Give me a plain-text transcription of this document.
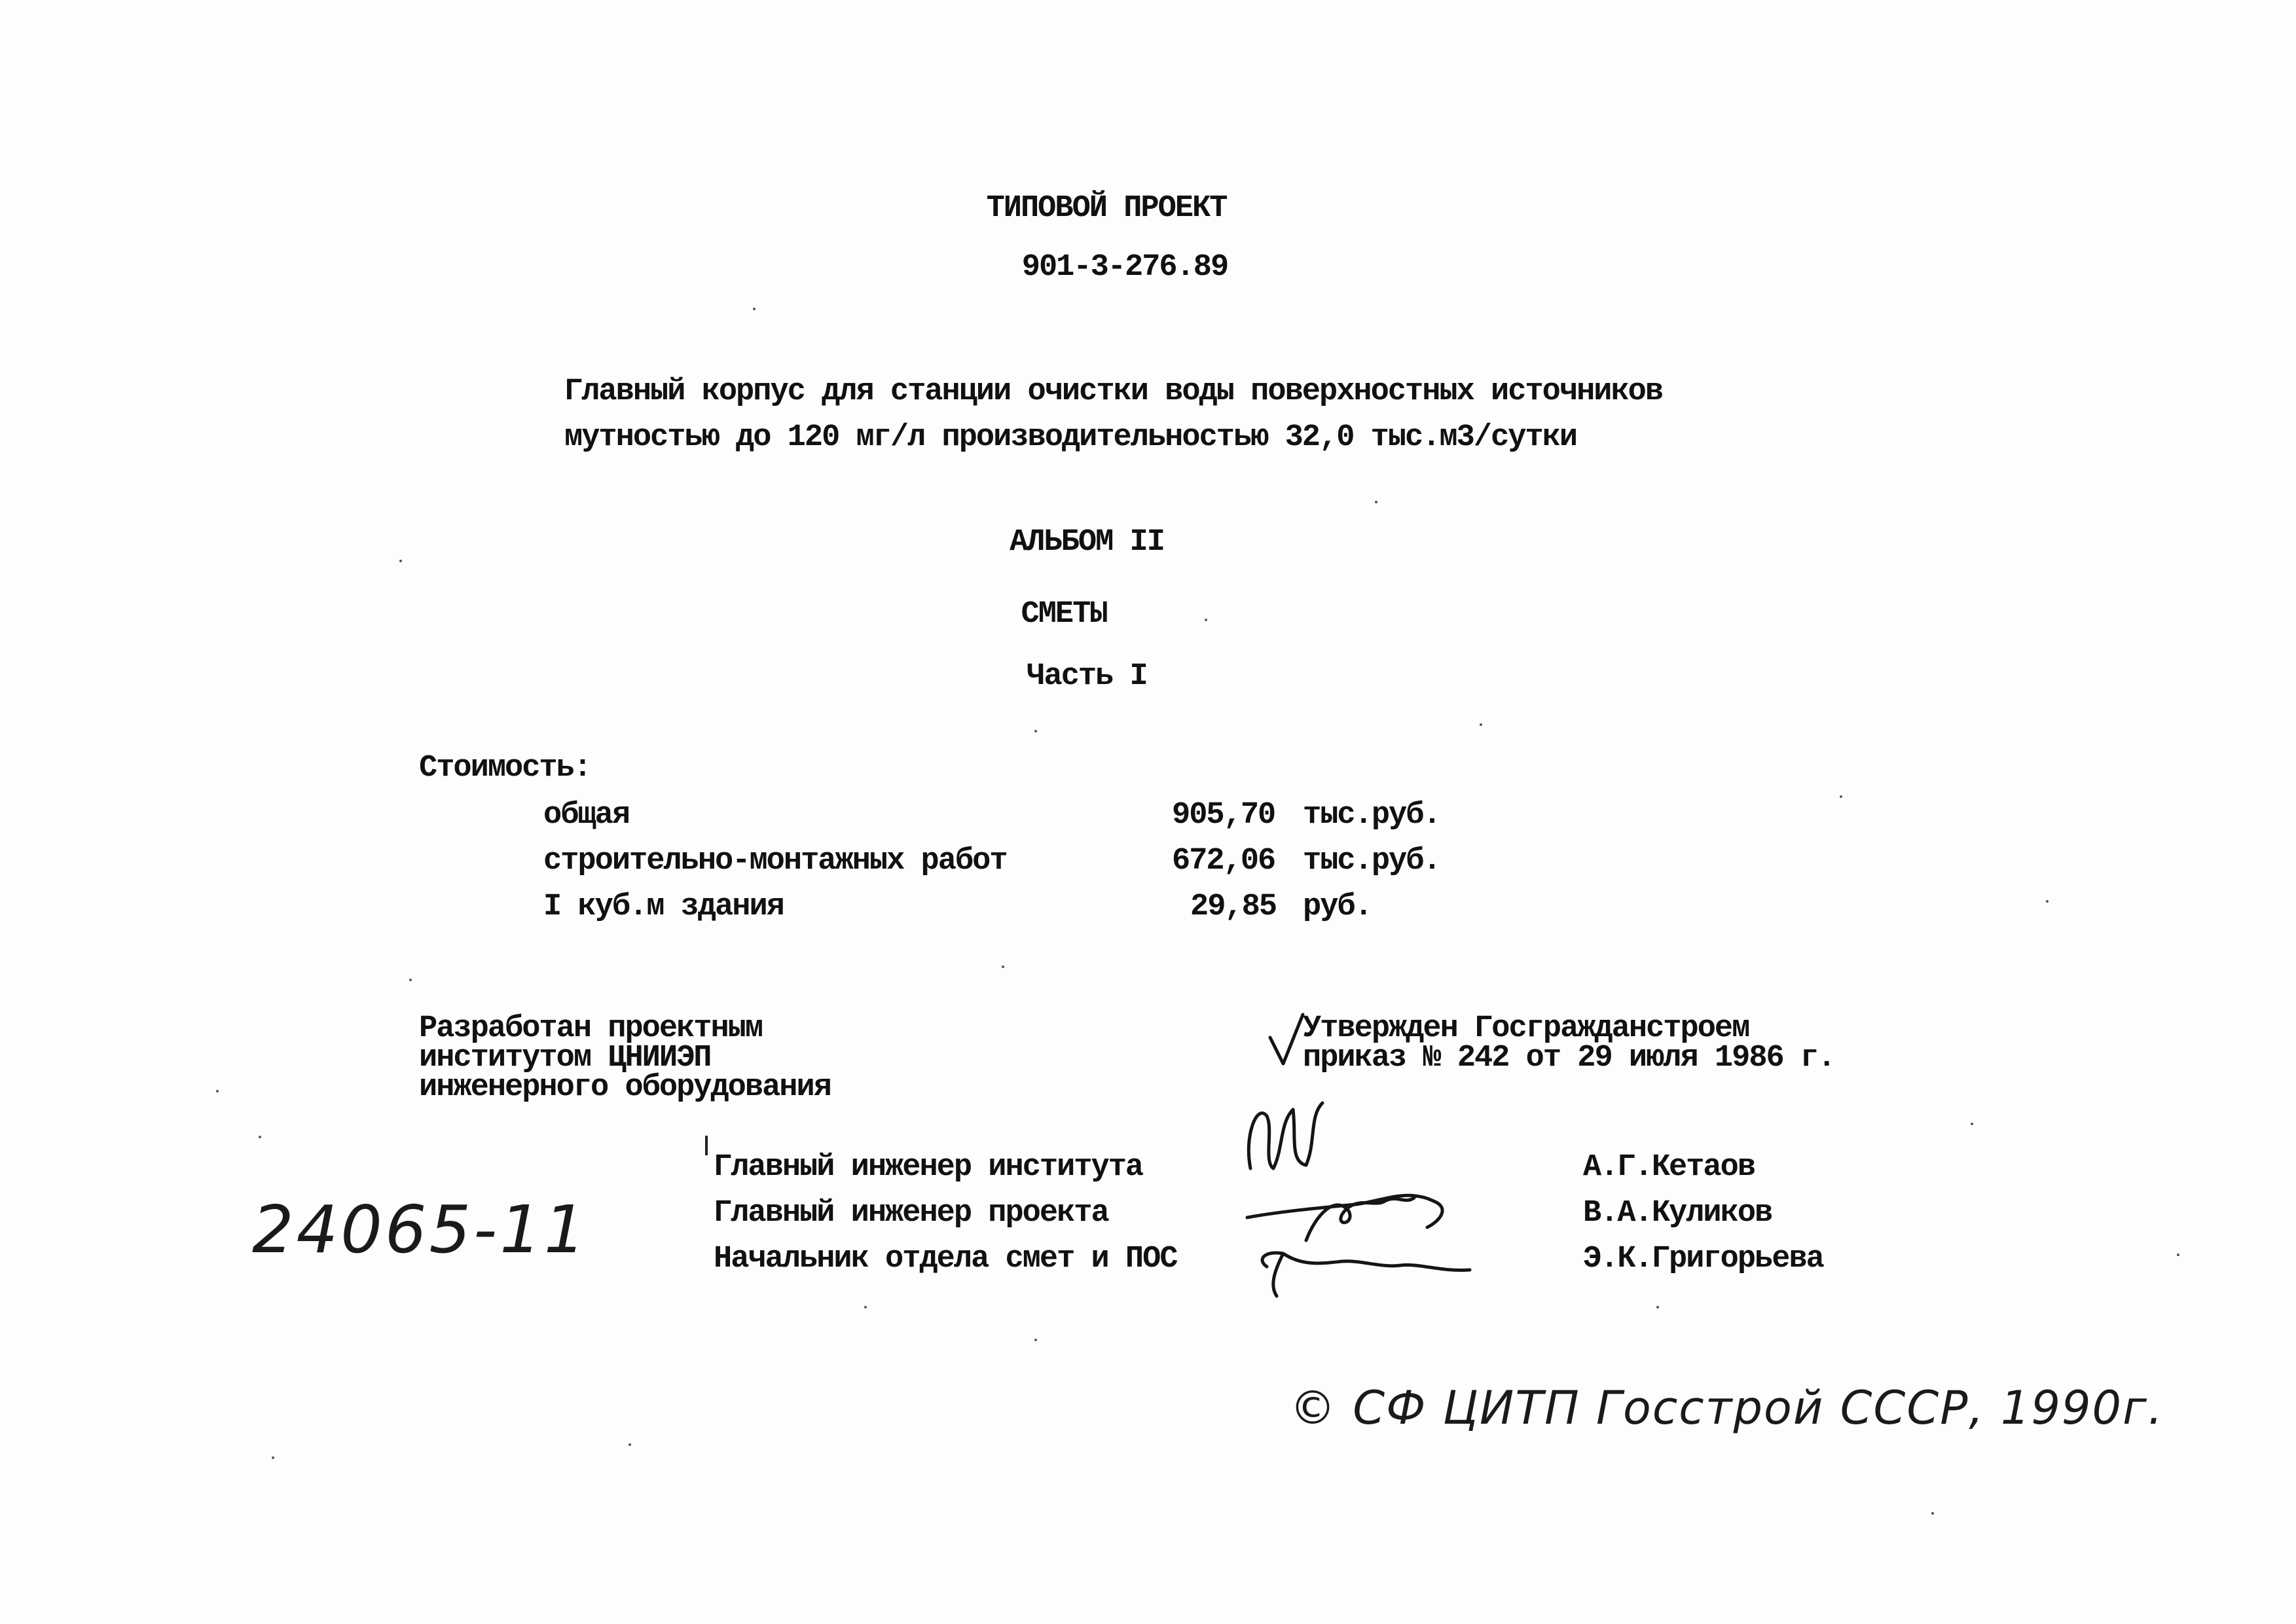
ТИПОВОЙ ПРОЕКТ
901-3-276.89
Главный корпус для станции очистки воды поверхностных источников
мутностью до 120 мг/л производительностью 32,0 тыс.м3/сутки
АЛЬБОМ II
СМЕТЫ
Часть I
Стоимость:
общая	905,70 тыс.руб.
строительно-монтажных работ	672,06 тыс.руб.
I куб.м здания	29,85 руб.
Разработан проектным
институтом ЦНИИЭП
инженерного оборудования
Утвержден Госгражданстроем
приказ № 242 от 29 июля 1986 г.
Главный инженер института	А.Г.Кетаов
Главный инженер проекта	В.А.Куликов
Начальник отдела смет и ПОС	Э.К.Григорьева
24065-11
© СФ ЦИТП Госстрой СССР, 1990г.
